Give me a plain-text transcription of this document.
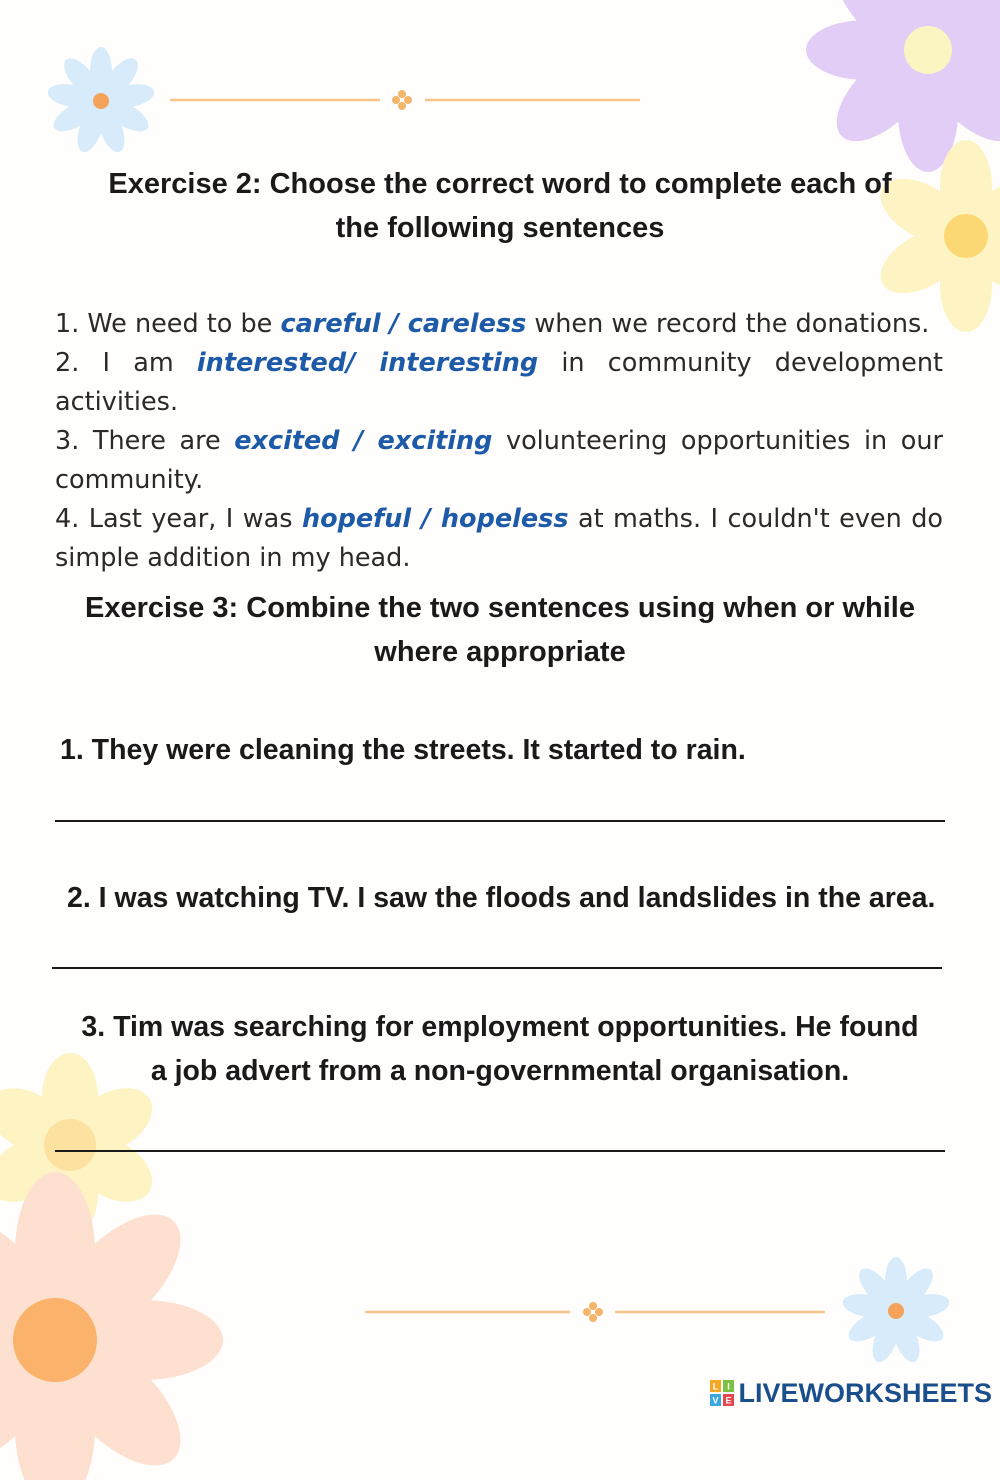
Exercise 2: Choose the correct word to complete each of
the following sentences

1. We need to be careful / careless when we record the donations.

2. I am interested/ interesting in community development activities.

3. There are excited / exciting volunteering opportunities in our community.

4. Last year, I was hopeful / hopeless at maths. I couldn't even do simple addition in my head.

Exercise 3: Combine the two sentences using when or while
where appropriate
1. They were cleaning the streets. It started to rain.
2. I was watching TV. I saw the floods and landslides in the area.
3. Tim was searching for employment opportunities. He found
a job advert from a non-governmental organisation.
L I
V E LIVEWORKSHEETS
